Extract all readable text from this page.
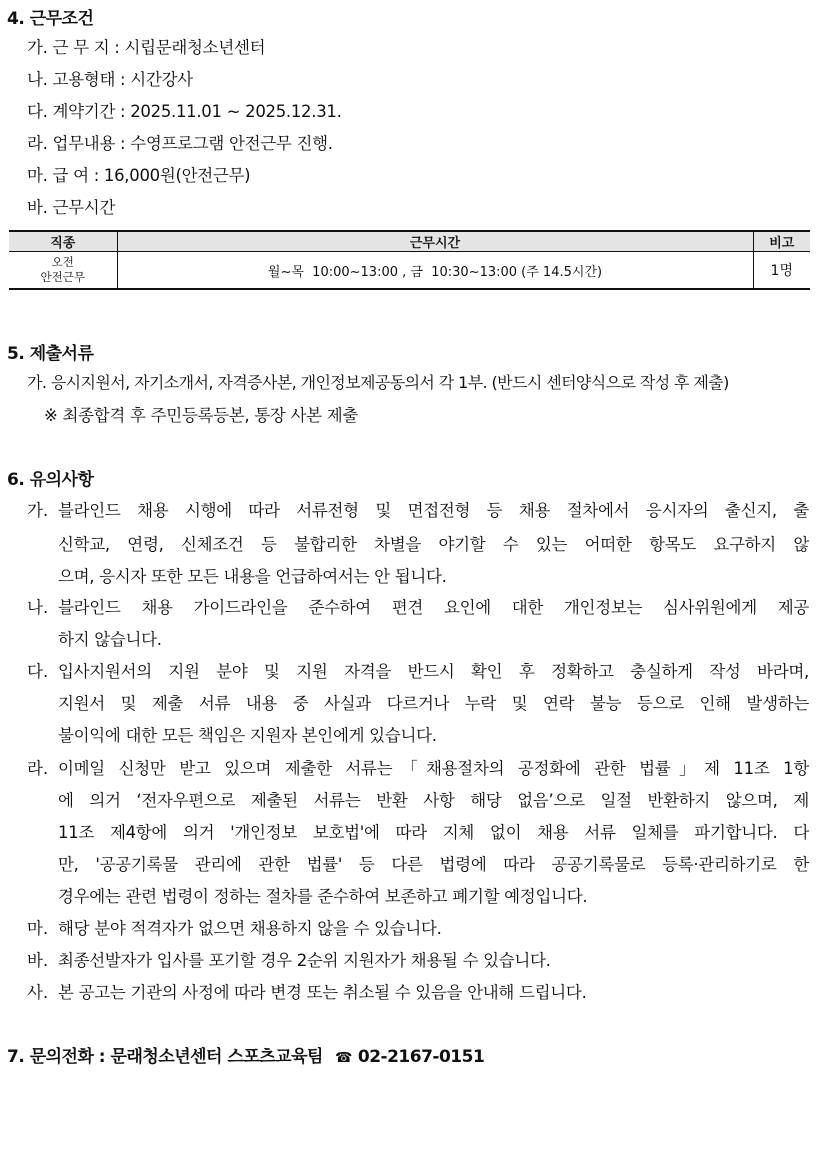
4. 근무조건
가. 근 무 지 : 시립문래청소년센터
나. 고용형태 : 시간강사
다. 계약기간 : 2025.11.01 ~ 2025.12.31.
라. 업무내용 : 수영프로그램 안전근무 진행.
마. 급 여 : 16,000원(안전근무)
바. 근무시간
직종	근무시간	비고

오전
안전근무	월~목  10:00~13:00 , 금  10:30~13:00 (주 14.5시간)	1명
5. 제출서류
가. 응시지원서, 자기소개서, 자격증사본, 개인정보제공동의서 각 1부. (반드시 센터양식으로 작성 후 제출)
※ 최종합격 후 주민등록등본, 통장 사본 제출
6. 유의사항
가. 블라인드 채용 시행에 따라 서류전형 및 면접전형 등 채용 절차에서 응시자의 출신지, 출
신학교, 연령, 신체조건 등 불합리한 차별을 야기할 수 있는 어떠한 항목도 요구하지 않
으며, 응시자 또한 모든 내용을 언급하여서는 안 됩니다.
나. 블라인드 채용 가이드라인을 준수하여 편견 요인에 대한 개인정보는 심사위원에게 제공
하지 않습니다.
다. 입사지원서의 지원 분야 및 지원 자격을 반드시 확인 후 정확하고 충실하게 작성 바라며,
지원서 및 제출 서류 내용 중 사실과 다르거나 누락 및 연락 불능 등으로 인해 발생하는
불이익에 대한 모든 책임은 지원자 본인에게 있습니다.
라. 이메일 신청만 받고 있으며 제출한 서류는「채용절차의 공정화에 관한 법률」제 11조 1항
에 의거 ‘전자우편으로 제출된 서류는 반환 사항 해당 없음’으로 일절 반환하지 않으며, 제
11조 제4항에 의거 '개인정보 보호법'에 따라 지체 없이 채용 서류 일체를 파기합니다. 다
만, '공공기록물 관리에 관한 법률' 등 다른 법령에 따라 공공기록물로 등록·관리하기로 한
경우에는 관련 법령이 정하는 절차를 준수하여 보존하고 폐기할 예정입니다.
마. 해당 분야 적격자가 없으면 채용하지 않을 수 있습니다.
바. 최종선발자가 입사를 포기할 경우 2순위 지원자가 채용될 수 있습니다.
사. 본 공고는 기관의 사정에 따라 변경 또는 취소될 수 있음을 안내해 드립니다.
7. 문의전화 : 문래청소년센터 스포츠교육팀 ☎ 02-2167-0151
